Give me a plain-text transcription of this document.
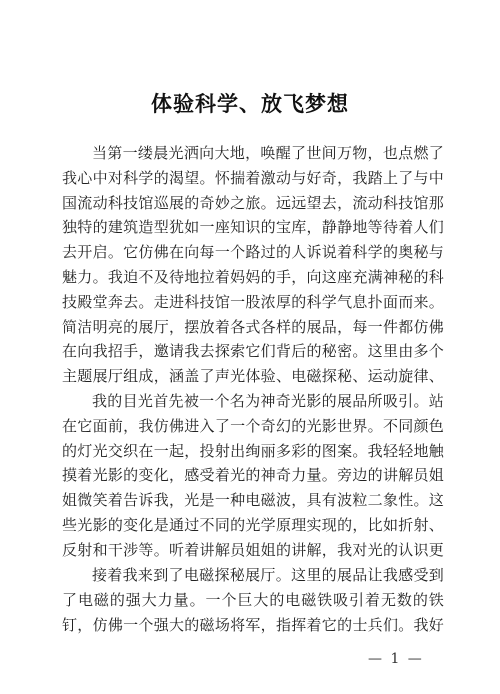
体验科学、放飞梦想

当第一缕晨光洒向大地，唤醒了世间万物，也点燃了我心中对科学的渴望。怀揣着激动与好奇，我踏上了与中国流动科技馆巡展的奇妙之旅。远远望去，流动科技馆那独特的建筑造型犹如一座知识的宝库，静静地等待着人们去开启。它仿佛在向每一个路过的人诉说着科学的奥秘与魅力。我迫不及待地拉着妈妈的手，向这座充满神秘的科技殿堂奔去。走进科技馆一股浓厚的科学气息扑面而来。简洁明亮的展厅，摆放着各式各样的展品，每一件都仿佛在向我招手，邀请我去探索它们背后的秘密。这里由多个主题展厅组成，涵盖了声光体验、电磁探秘、运动旋律、

我的目光首先被一个名为神奇光影的展品所吸引。站在它面前，我仿佛进入了一个奇幻的光影世界。不同颜色的灯光交织在一起，投射出绚丽多彩的图案。我轻轻地触摸着光影的变化，感受着光的神奇力量。旁边的讲解员姐姐微笑着告诉我，光是一种电磁波，具有波粒二象性。这些光影的变化是通过不同的光学原理实现的，比如折射、反射和干涉等。听着讲解员姐姐的讲解，我对光的认识更

接着我来到了电磁探秘展厅。这里的展品让我感受到了电磁的强大力量。一个巨大的电磁铁吸引着无数的铁钉，仿佛一个强大的磁场将军，指挥着它的士兵们。我好

— 1 —
